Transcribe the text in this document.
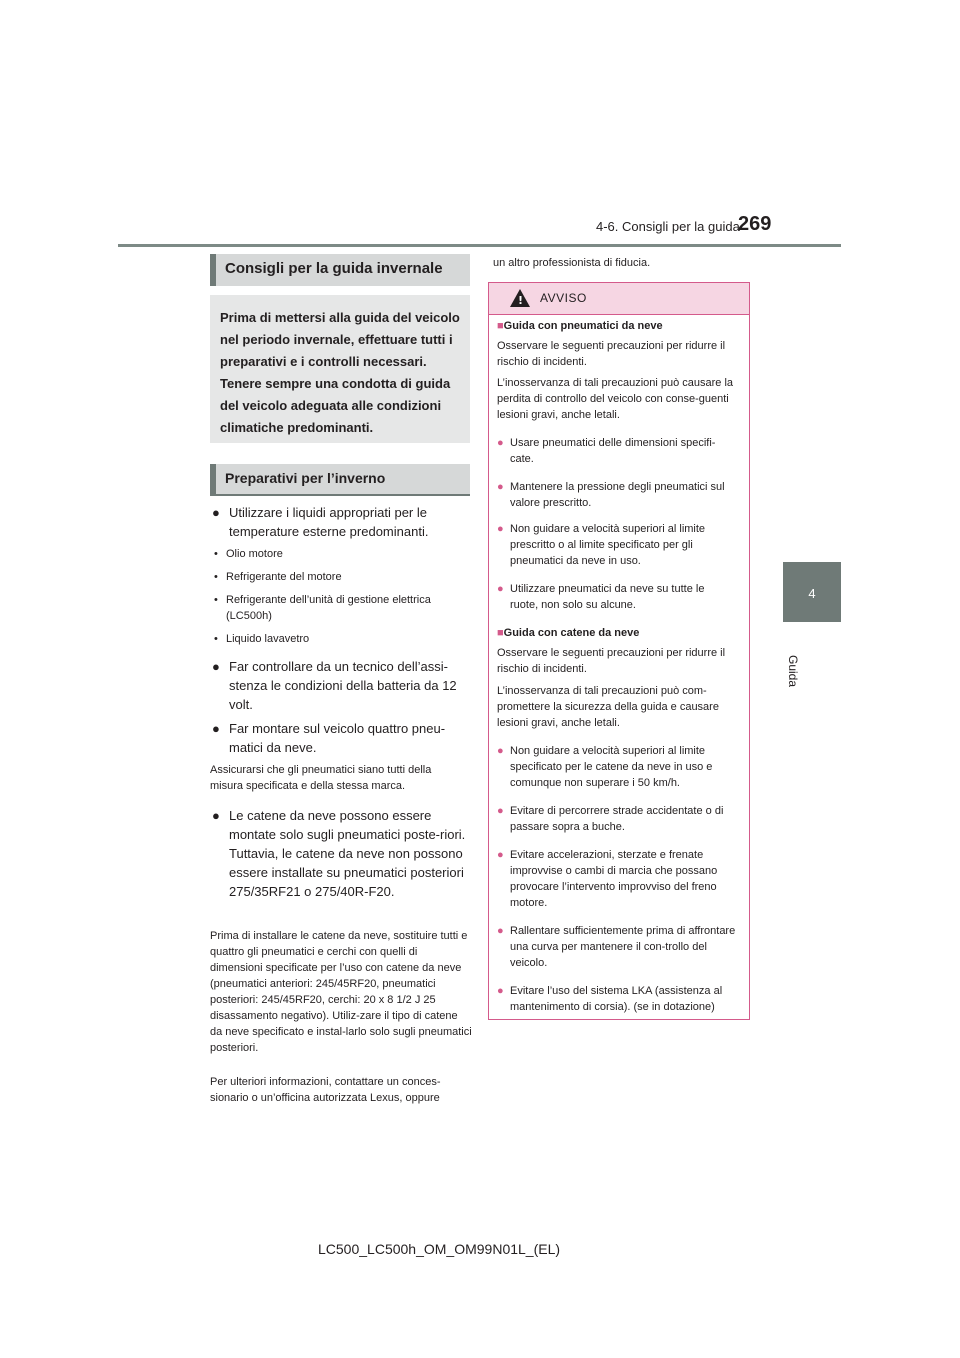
4-6. Consigli per la guida
269
4
Guida
Consigli per la guida invernale
Prima di mettersi alla guida del veicolo
nel periodo invernale, effettuare tutti i
preparativi e i controlli necessari.
Tenere sempre una condotta di guida
del veicolo adeguata alle condizioni
climatiche predominanti.
Preparativi per l’inverno
● Utilizzare i liquidi appropriati per le temperature esterne predominanti.
• Olio motore
• Refrigerante del motore
• Refrigerante dell’unità di gestione elettrica (LC500h)
• Liquido lavavetro
● Far controllare da un tecnico dell’assi-stenza le condizioni della batteria da 12 volt.
● Far montare sul veicolo quattro pneu-matici da neve.
Assicurarsi che gli pneumatici siano tutti della misura specificata e della stessa marca.
● Le catene da neve possono essere montate solo sugli pneumatici poste-riori. Tuttavia, le catene da neve non possono essere installate su pneumatici posteriori 275/35RF21 o 275/40R-F20.
Prima di installare le catene da neve, sostituire tutti e quattro gli pneumatici e cerchi con quelli di dimensioni specificate per l’uso con catene da neve (pneumatici anteriori: 245/45RF20, pneumatici posteriori: 245/45RF20, cerchi: 20 x 8 1/2 J 25 disassamento negativo). Utiliz-zare il tipo di catene da neve specificato e instal-larlo solo sugli pneumatici posteriori.
Per ulteriori informazioni, contattare un conces-sionario o un’officina autorizzata Lexus, oppure
un altro professionista di fiducia.
!
AVVISO
■Guida con pneumatici da neve
Osservare le seguenti precauzioni per ridurre il rischio di incidenti.
L’inosservanza di tali precauzioni può causare la perdita di controllo del veicolo con conse-guenti lesioni gravi, anche letali.
● Usare pneumatici delle dimensioni specifi-cate.
● Mantenere la pressione degli pneumatici sul valore prescritto.
● Non guidare a velocità superiori al limite prescritto o al limite specificato per gli pneumatici da neve in uso.
● Utilizzare pneumatici da neve su tutte le ruote, non solo su alcune.
■Guida con catene da neve
Osservare le seguenti precauzioni per ridurre il rischio di incidenti.
L’inosservanza di tali precauzioni può com-promettere la sicurezza della guida e causare lesioni gravi, anche letali.
● Non guidare a velocità superiori al limite specificato per le catene da neve in uso e comunque non superare i 50 km/h.
● Evitare di percorrere strade accidentate o di passare sopra a buche.
● Evitare accelerazioni, sterzate e frenate improvvise o cambi di marcia che possano provocare l’intervento improvviso del freno motore.
● Rallentare sufficientemente prima di affrontare una curva per mantenere il con-trollo del veicolo.
● Evitare l’uso del sistema LKA (assistenza al mantenimento di corsia). (se in dotazione)
LC500_LC500h_OM_OM99N01L_(EL)
